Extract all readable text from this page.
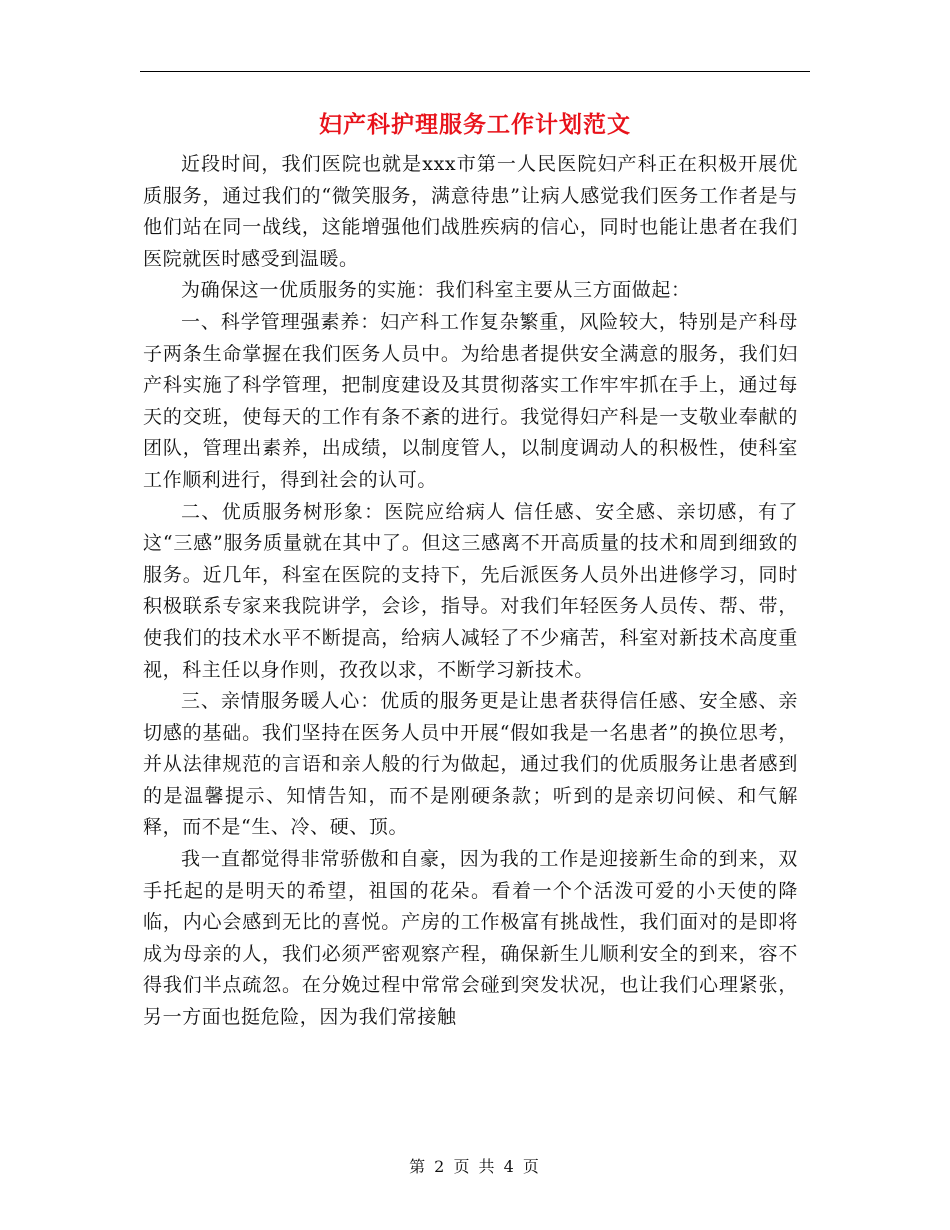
妇产科护理服务工作计划范文

近段时间，我们医院也就是xxx市第一人民医院妇产科正在积极开展优质服务，通过我们的“微笑服务，满意待患”让病人感觉我们医务工作者是与他们站在同一战线，这能增强他们战胜疾病的信心，同时也能让患者在我们医院就医时感受到温暖。

为确保这一优质服务的实施：我们科室主要从三方面做起：

一、科学管理强素养：妇产科工作复杂繁重，风险较大，特别是产科母子两条生命掌握在我们医务人员中。为给患者提供安全满意的服务，我们妇产科实施了科学管理，把制度建设及其贯彻落实工作牢牢抓在手上，通过每天的交班，使每天的工作有条不紊的进行。我觉得妇产科是一支敬业奉献的团队，管理出素养，出成绩，以制度管人，以制度调动人的积极性，使科室工作顺利进行，得到社会的认可。

二、优质服务树形象：医院应给病人 信任感、安全感、亲切感，有了这“三感”服务质量就在其中了。但这三感离不开高质量的技术和周到细致的服务。近几年，科室在医院的支持下，先后派医务人员外出进修学习，同时积极联系专家来我院讲学，会诊，指导。对我们年轻医务人员传、帮、带，使我们的技术水平不断提高，给病人减轻了不少痛苦，科室对新技术高度重视，科主任以身作则，孜孜以求，不断学习新技术。

三、亲情服务暖人心：优质的服务更是让患者获得信任感、安全感、亲切感的基础。我们坚持在医务人员中开展“假如我是一名患者”的换位思考，并从法律规范的言语和亲人般的行为做起，通过我们的优质服务让患者感到的是温馨提示、知情告知，而不是刚硬条款；听到的是亲切问候、和气解释，而不是“生、冷、硬、顶。

我一直都觉得非常骄傲和自豪，因为我的工作是迎接新生命的到来，双手托起的是明天的希望，祖国的花朵。看着一个个活泼可爱的小天使的降临，内心会感到无比的喜悦。产房的工作极富有挑战性，我们面对的是即将成为母亲的人，我们必须严密观察产程，确保新生儿顺利安全的到来，容不得我们半点疏忽。在分娩过程中常常会碰到突发状况，也让我们心理紧张，另一方面也挺危险，因为我们常接触

第 2 页 共 4 页
